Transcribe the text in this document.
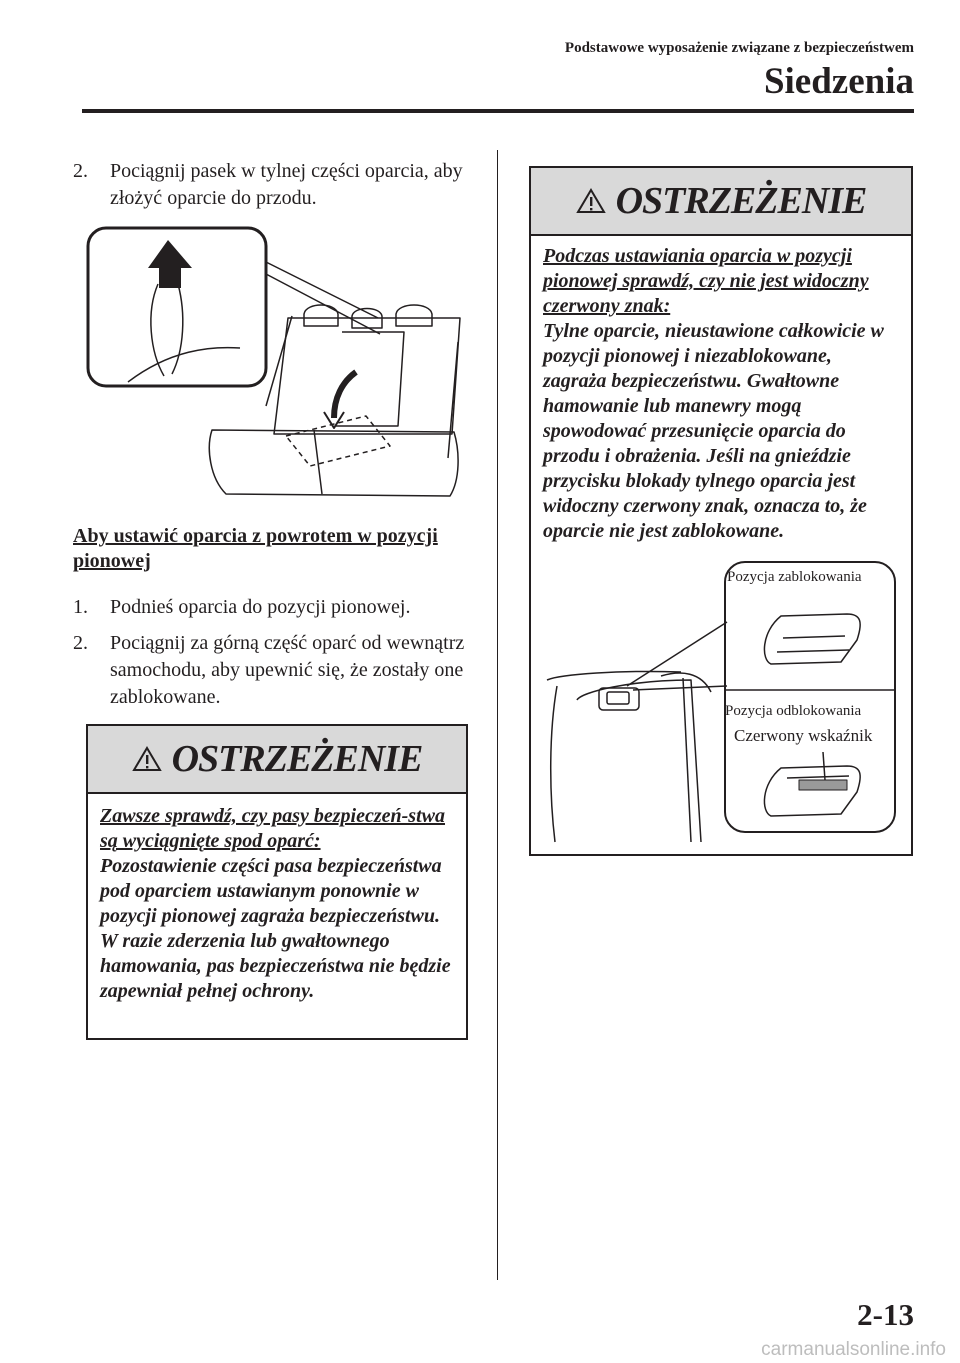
Podstawowe wyposażenie związane z bezpieczeństwem
Siedzenia
2. Pociągnij pasek w tylnej części oparcia, aby złożyć oparcie do przodu.
Aby ustawić oparcia z powrotem w pozycji pionowej
1. Podnieś oparcia do pozycji pionowej.
2. Pociągnij za górną część oparć od wewnątrz samochodu, aby upewnić się, że zostały one zablokowane.
OSTRZEŻENIE
Zawsze sprawdź, czy pasy bezpieczeń-stwa są wyciągnięte spod oparć:
Pozostawienie części pasa bezpieczeństwa pod oparciem ustawianym ponownie w pozycji pionowej zagraża bezpieczeństwu. W razie zderzenia lub gwałtownego hamowania, pas bezpieczeństwa nie będzie zapewniał pełnej ochrony.
OSTRZEŻENIE
Podczas ustawiania oparcia w pozycji pionowej sprawdź, czy nie jest widoczny czerwony znak:
Tylne oparcie, nieustawione całkowicie w pozycji pionowej i niezablokowane, zagraża bezpieczeństwu. Gwałtowne hamowanie lub manewry mogą spowodować przesunięcie oparcia do przodu i obrażenia. Jeśli na gnieździe przycisku blokady tylnego oparcia jest widoczny czerwony znak, oznacza to, że oparcie nie jest zablokowane.
Pozycja zablokowania
Pozycja odblokowania
Czerwony wskaźnik
2-13
carmanualsonline.info
